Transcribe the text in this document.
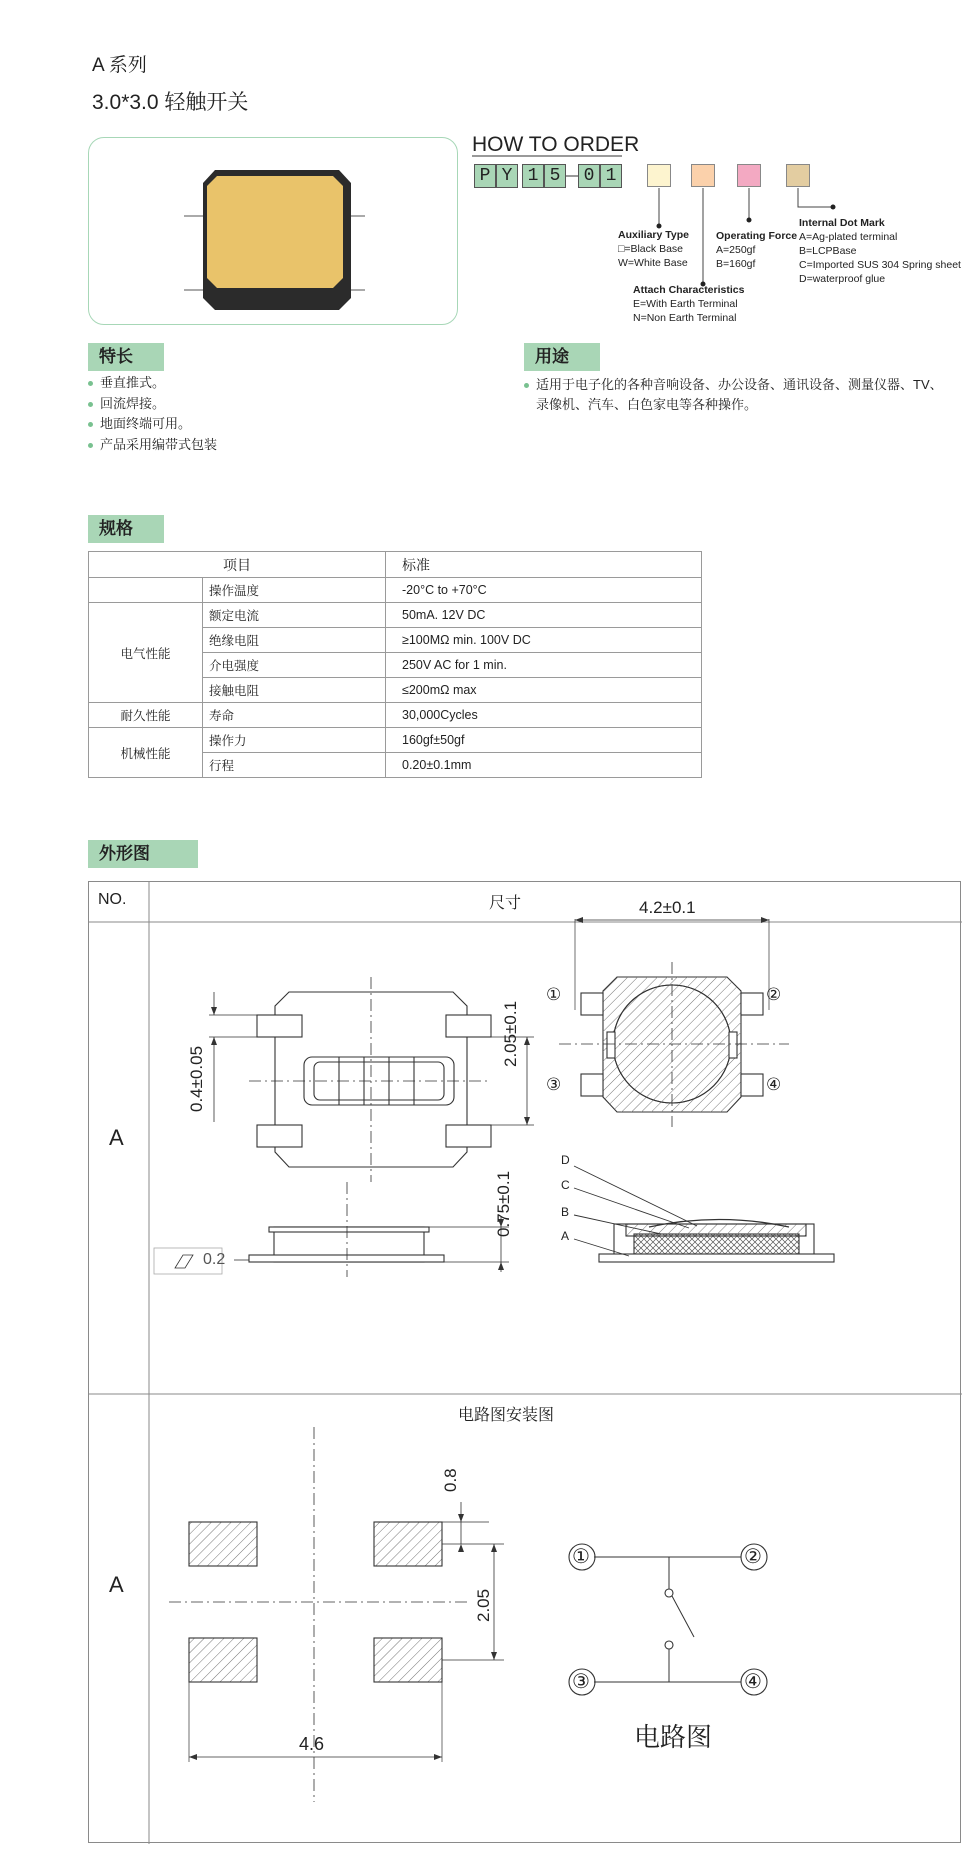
A 系列
3.0*3.0 轻触开关
HOW TO ORDER
P Y 1 5	0 1
Auxiliary Type
□=Black Base
W=White Base
Attach Characteristics
E=With Earth Terminal
N=Non Earth Terminal
Operating Force
A=250gf
B=160gf
Internal Dot Mark
A=Ag-plated terminal
B=LCPBase
C=Imported SUS 304 Spring sheet
D=waterproof glue
特长
垂直推式。
回流焊接。
地面终端可用。
产品采用编带式包装
用途
适用于电子化的各种音响设备、办公设备、通讯设备、测量仪器、TV、录像机、汽车、白色家电等各种操作。
规格
项目		标准
	操作温度	-20°C to +70°C
电气性能	额定电流	50mA. 12V DC
	绝缘电阻	≥100MΩ min. 100V DC
	介电强度	250V AC for 1 min.
	接触电阻	≤200mΩ max
耐久性能	寿命	30,000Cycles
机械性能	操作力	160gf±50gf
	行程	0.20±0.1mm
外形图
NO.	尺寸
A
A
电路图安装图
4.2±0.1
2.05±0.1
0.4±0.05
0.75±0.1
0.2
①	②
③	④
D
C
B
A
0.8
2.05
4.6
①	②
③	④
电路图
